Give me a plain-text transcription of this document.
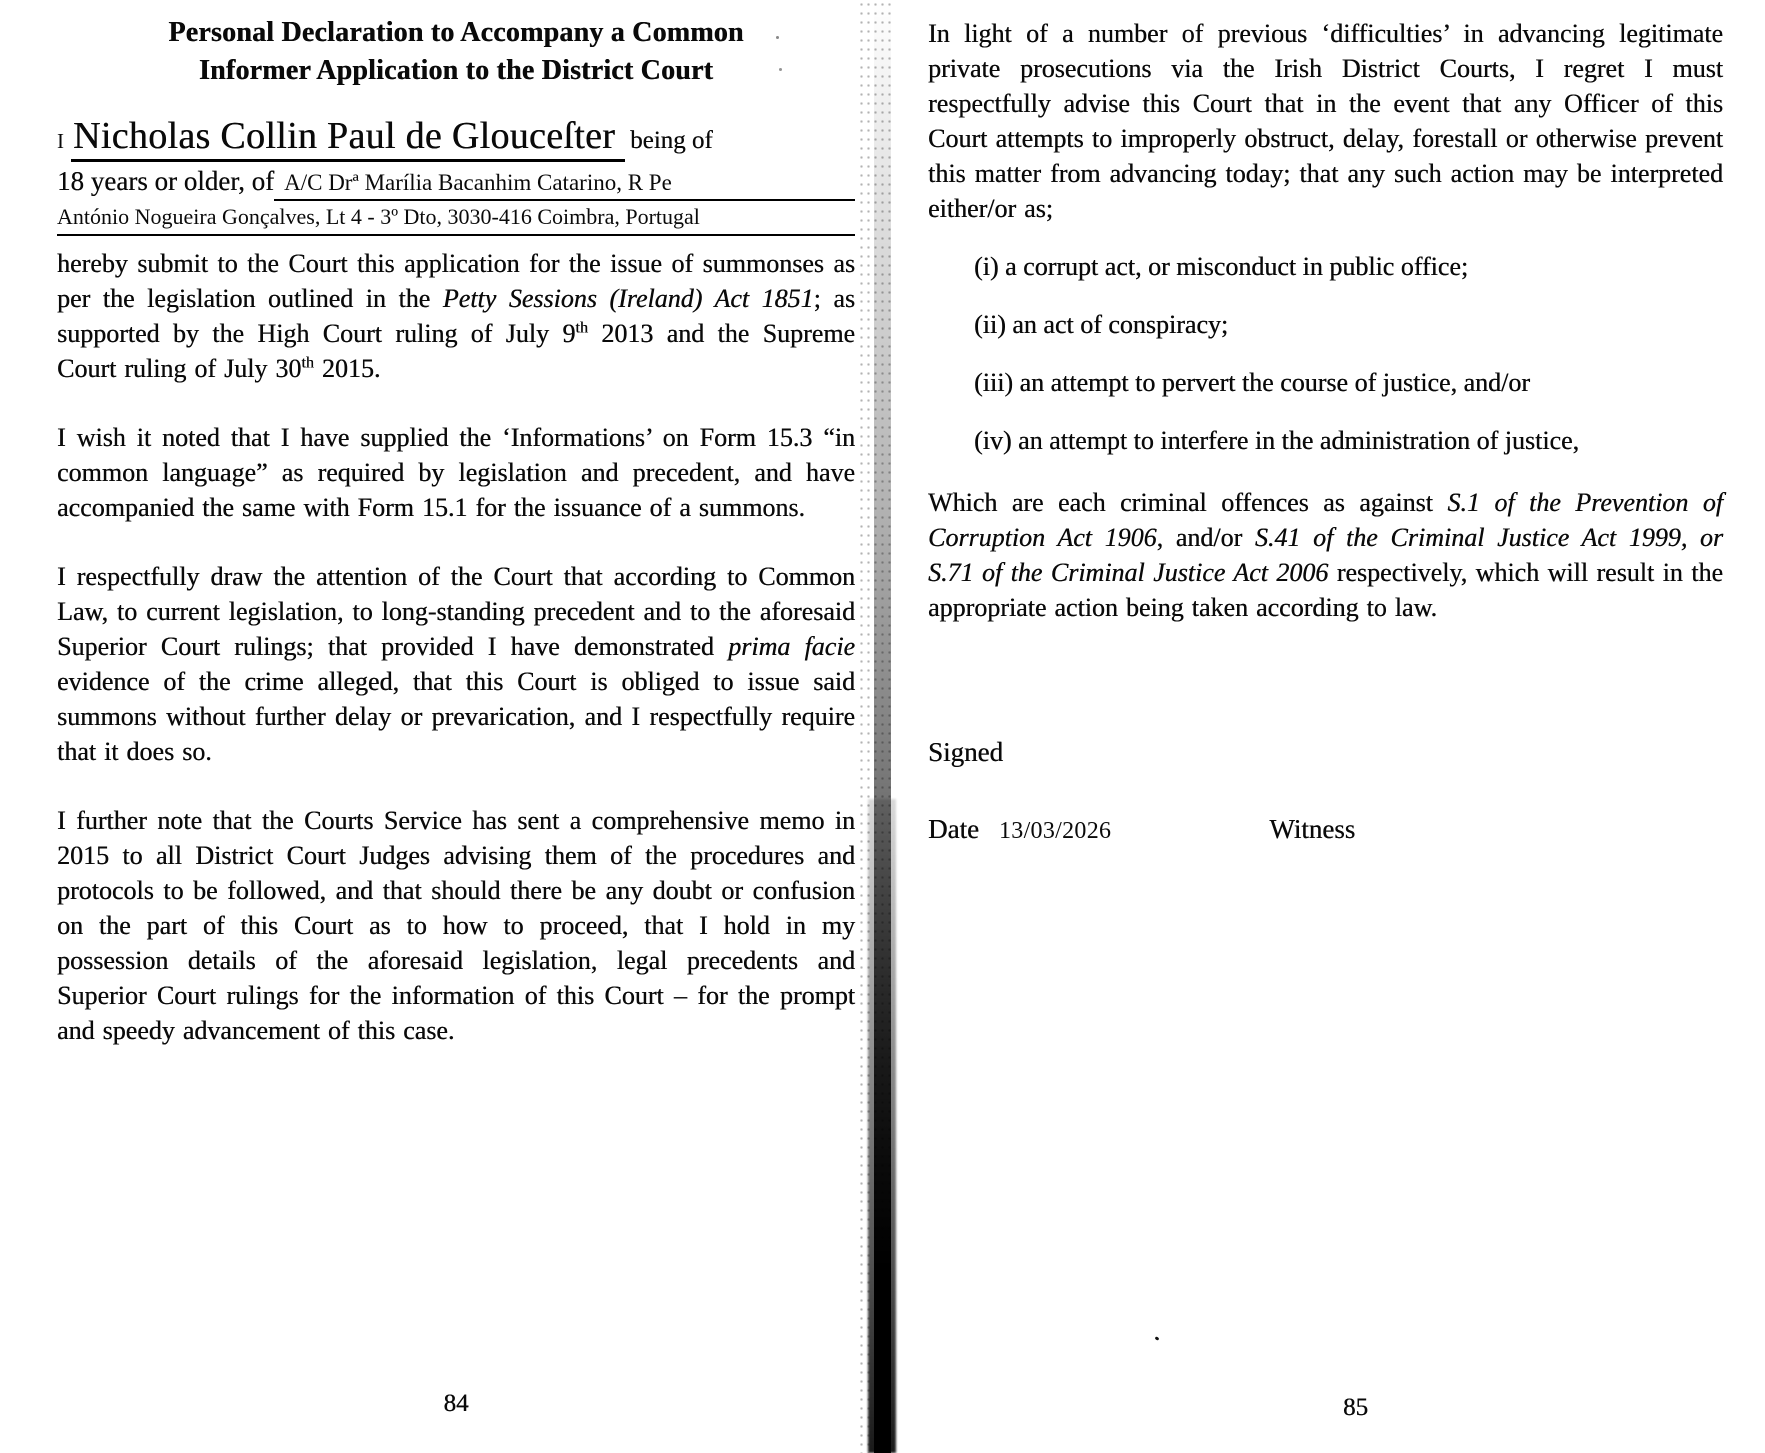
Personal Declaration to Accompany a Common
Informer Application to the District Court
I Nicholas Collin Paul de Glouceſter being of
18 years or older, of A/C Drª Marília Bacanhim Catarino, R Pe
António Nogueira Gonçalves, Lt 4 - 3º Dto, 3030-416 Coimbra, Portugal

hereby submit to the Court this application for the issue of summonses as per the legislation outlined in the Petty Sessions (Ireland) Act 1851; as supported by the High Court ruling of July 9th 2013 and the Supreme Court ruling of July 30th 2015.

I wish it noted that I have supplied the ‘Informations’ on Form 15.3 “in common language” as required by legislation and precedent, and have accompanied the same with Form 15.1 for the issuance of a summons.

I respectfully draw the attention of the Court that according to Common Law, to current legislation, to long-standing precedent and to the aforesaid Superior Court rulings; that provided I have demonstrated prima facie evidence of the crime alleged, that this Court is obliged to issue said summons without further delay or prevarication, and I respectfully require that it does so.

I further note that the Courts Service has sent a comprehensive memo in 2015 to all District Court Judges advising them of the procedures and protocols to be followed, and that should there be any doubt or confusion on the part of this Court as to how to proceed, that I hold in my possession details of the aforesaid legislation, legal precedents and Superior Court rulings for the information of this Court – for the prompt and speedy advancement of this case.

In light of a number of previous ‘difficulties’ in advancing legitimate private prosecutions via the Irish District Courts, I regret I must respectfully advise this Court that in the event that any Officer of this Court attempts to improperly obstruct, delay, forestall or otherwise prevent this matter from advancing today; that any such action may be interpreted either/or as;

(i) a corrupt act, or misconduct in public office;
(ii) an act of conspiracy;
(iii) an attempt to pervert the course of justice, and/or
(iv) an attempt to interfere in the administration of justice,

Which are each criminal offences as against S.1 of the Prevention of Corruption Act 1906, and/or S.41 of the Criminal Justice Act 1999, or S.71 of the Criminal Justice Act 2006 respectively, which will result in the appropriate action being taken according to law.

Signed
Date 13/03/2026	Witness
84	85
